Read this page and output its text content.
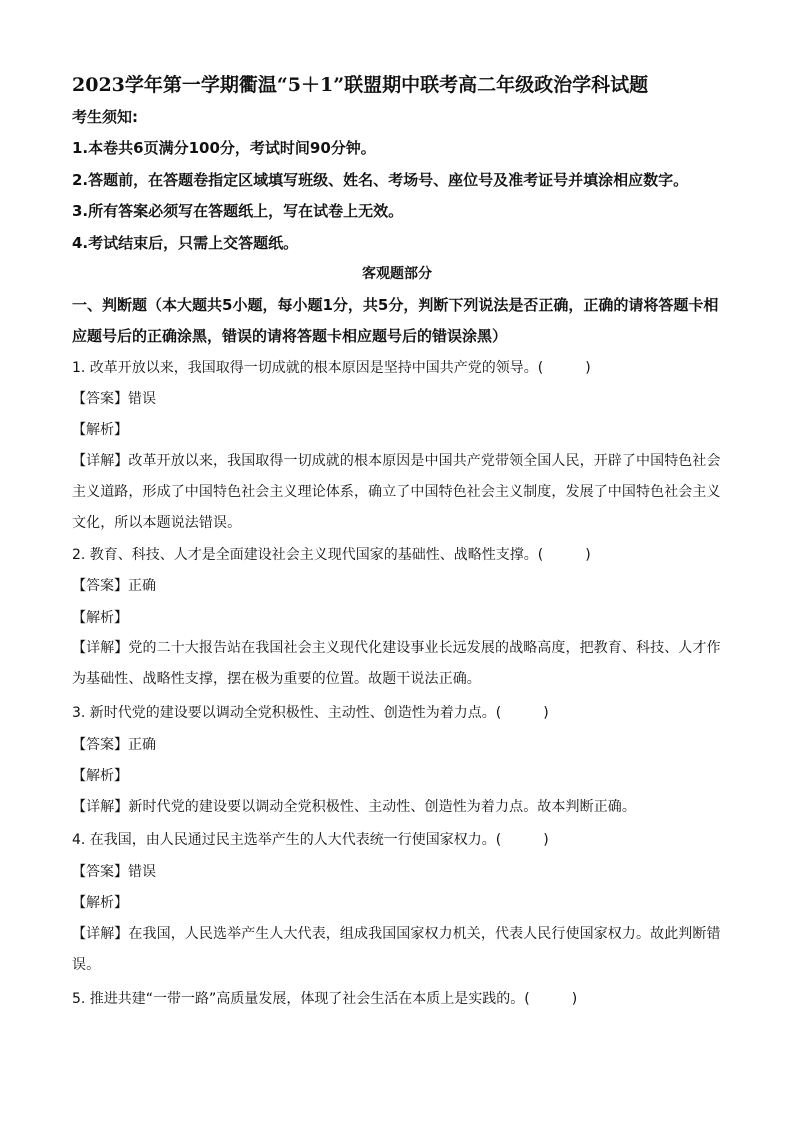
2023学年第一学期衢温“5＋1”联盟期中联考高二年级政治学科试题
考生须知:
1.本卷共6页满分100分，考试时间90分钟。
2.答题前，在答题卷指定区域填写班级、姓名、考场号、座位号及准考证号并填涂相应数字。
3.所有答案必须写在答题纸上，写在试卷上无效。
4.考试结束后，只需上交答题纸。
客观题部分
一、判断题（本大题共5小题，每小题1分，共5分，判断下列说法是否正确，正确的请将答题卡相应题号后的正确涂黑，错误的请将答题卡相应题号后的错误涂黑）
1. 改革开放以来，我国取得一切成就的根本原因是坚持中国共产党的领导。(　　　)
【答案】错误
【解析】
【详解】改革开放以来，我国取得一切成就的根本原因是中国共产党带领全国人民，开辟了中国特色社会主义道路，形成了中国特色社会主义理论体系，确立了中国特色社会主义制度，发展了中国特色社会主义文化，所以本题说法错误。
2. 教育、科技、人才是全面建设社会主义现代国家的基础性、战略性支撑。(　　　)
【答案】正确
【解析】
【详解】党的二十大报告站在我国社会主义现代化建设事业长远发展的战略高度，把教育、科技、人才作为基础性、战略性支撑，摆在极为重要的位置。故题干说法正确。
3. 新时代党的建设要以调动全党积极性、主动性、创造性为着力点。(　　　)
【答案】正确
【解析】
【详解】新时代党的建设要以调动全党积极性、主动性、创造性为着力点。故本判断正确。
4. 在我国，由人民通过民主选举产生的人大代表统一行使国家权力。(　　　)
【答案】错误
【解析】
【详解】在我国，人民选举产生人大代表，组成我国国家权力机关，代表人民行使国家权力。故此判断错误。
5. 推进共建“一带一路”高质量发展，体现了社会生活在本质上是实践的。(　　　)
